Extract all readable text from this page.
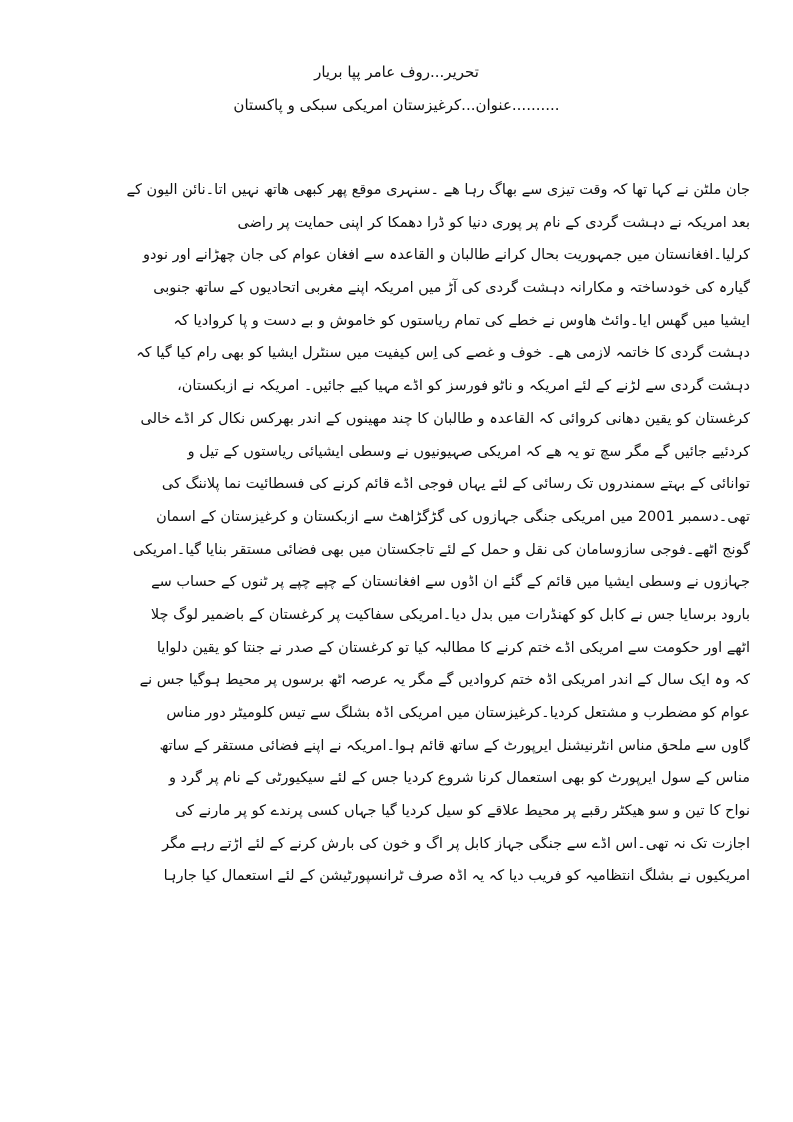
تحریر...روف عامر پپا بریار
..........عنوان...کرغیزستان امریکی سبکی و پاکستان
جان ملٹن نے کہا تھا کہ وقت تیزی سے بھاگ رہا ھے ۔سنہری موقع پھر کبھی ھاتھ نہیں اتا۔نائن الیون کے
بعد امریکہ نے دہشت گردی کے نام پر پوری دنیا کو ڈرا دھمکا کر اپنی حمایت پر راضی
کرلیا۔افغانستان میں جمہوریت بحال کرانے طالبان و القاعدہ سے افغان عوام کی جان چھڑانے اور نودو
گیارہ کی خودساختہ و مکارانہ دہشت گردی کی آڑ میں امریکہ اپنے مغربی اتحادیوں کے ساتھ جنوبی
ایشیا میں گھس ایا۔وائٹ ھاوس نے خطے کی تمام ریاستوں کو خاموش و بے دست و پا کروادیا کہ
دہشت گردی کا خاتمہ لازمی ھے۔ خوف و غصے کی اِس کیفیت میں سنٹرل ایشیا کو بھی رام کیا گیا کہ
دہشت گردی سے لڑنے کے لئے امریکہ و ناٹو فورسز کو اڈے مہیا کیے جائیں۔ امریکہ نے ازبکستان،
کرغستان کو یقین دھانی کروائی کہ القاعدہ و طالبان کا چند مھینوں کے اندر بھرکس نکال کر اڈے خالی
کردئیے جائیں گے مگر سچ تو یہ ھے کہ امریکی صہیونیوں نے وسطی ایشیائی ریاستوں کے تیل و
توانائی کے بہتے سمندروں تک رسائی کے لئے یہاں فوجی اڈے قائم کرنے کی فسطائیت نما پلاننگ کی
تھی۔دسمبر 2001 میں امریکی جنگی جہازوں کی گڑگڑاھٹ سے ازبکستان و کرغیزستان کے اسمان
گونج اٹھے۔فوجی سازوسامان کی نقل و حمل کے لئے تاجکستان میں بھی فضائی مستقر بنایا گیا۔امریکی
جہازوں نے وسطی ایشیا میں قائم کے گئے ان اڈوں سے افغانستان کے چپے چپے پر ٹنوں کے حساب سے
بارود برسایا جس نے کابل کو کھنڈرات میں بدل دیا۔امریکی سفاکیت پر کرغستان کے باضمیر لوگ چلا
اٹھے اور حکومت سے امریکی اڈے ختم کرنے کا مطالبہ کیا تو کرغستان کے صدر نے جنتا کو یقین دلوایا
کہ وہ ایک سال کے اندر امریکی اڈہ ختم کروادیں گے مگر یہ عرصہ اٹھ برسوں پر محیط ہوگیا جس نے
عوام کو مضطرب و مشتعل کردیا۔کرغیزستان میں امریکی اڈہ بشلگ سے تیس کلومیٹر دور مناس
گاوں سے ملحق مناس انٹرنیشنل ایرپورٹ کے ساتھ قائم ہوا۔امریکہ نے اپنے فضائی مستقر کے ساتھ
مناس کے سول ایرپورٹ کو بھی استعمال کرنا شروع کردیا جس کے لئے سیکیورٹی کے نام پر گرد و
نواح کا تین و سو ھیکٹر رقبے پر محیط علاقے کو سیل کردیا گیا جہاں کسی پرندے کو پر مارنے کی
اجازت تک نہ تھی۔اس اڈے سے جنگی جہاز کابل پر اگ و خون کی بارش کرنے کے لئے اڑتے رہے مگر
امریکیوں نے بشلگ انتظامیہ کو فریب دیا کہ یہ اڈہ صرف ٹرانسپورٹیشن کے لئے استعمال کیا جارہا
